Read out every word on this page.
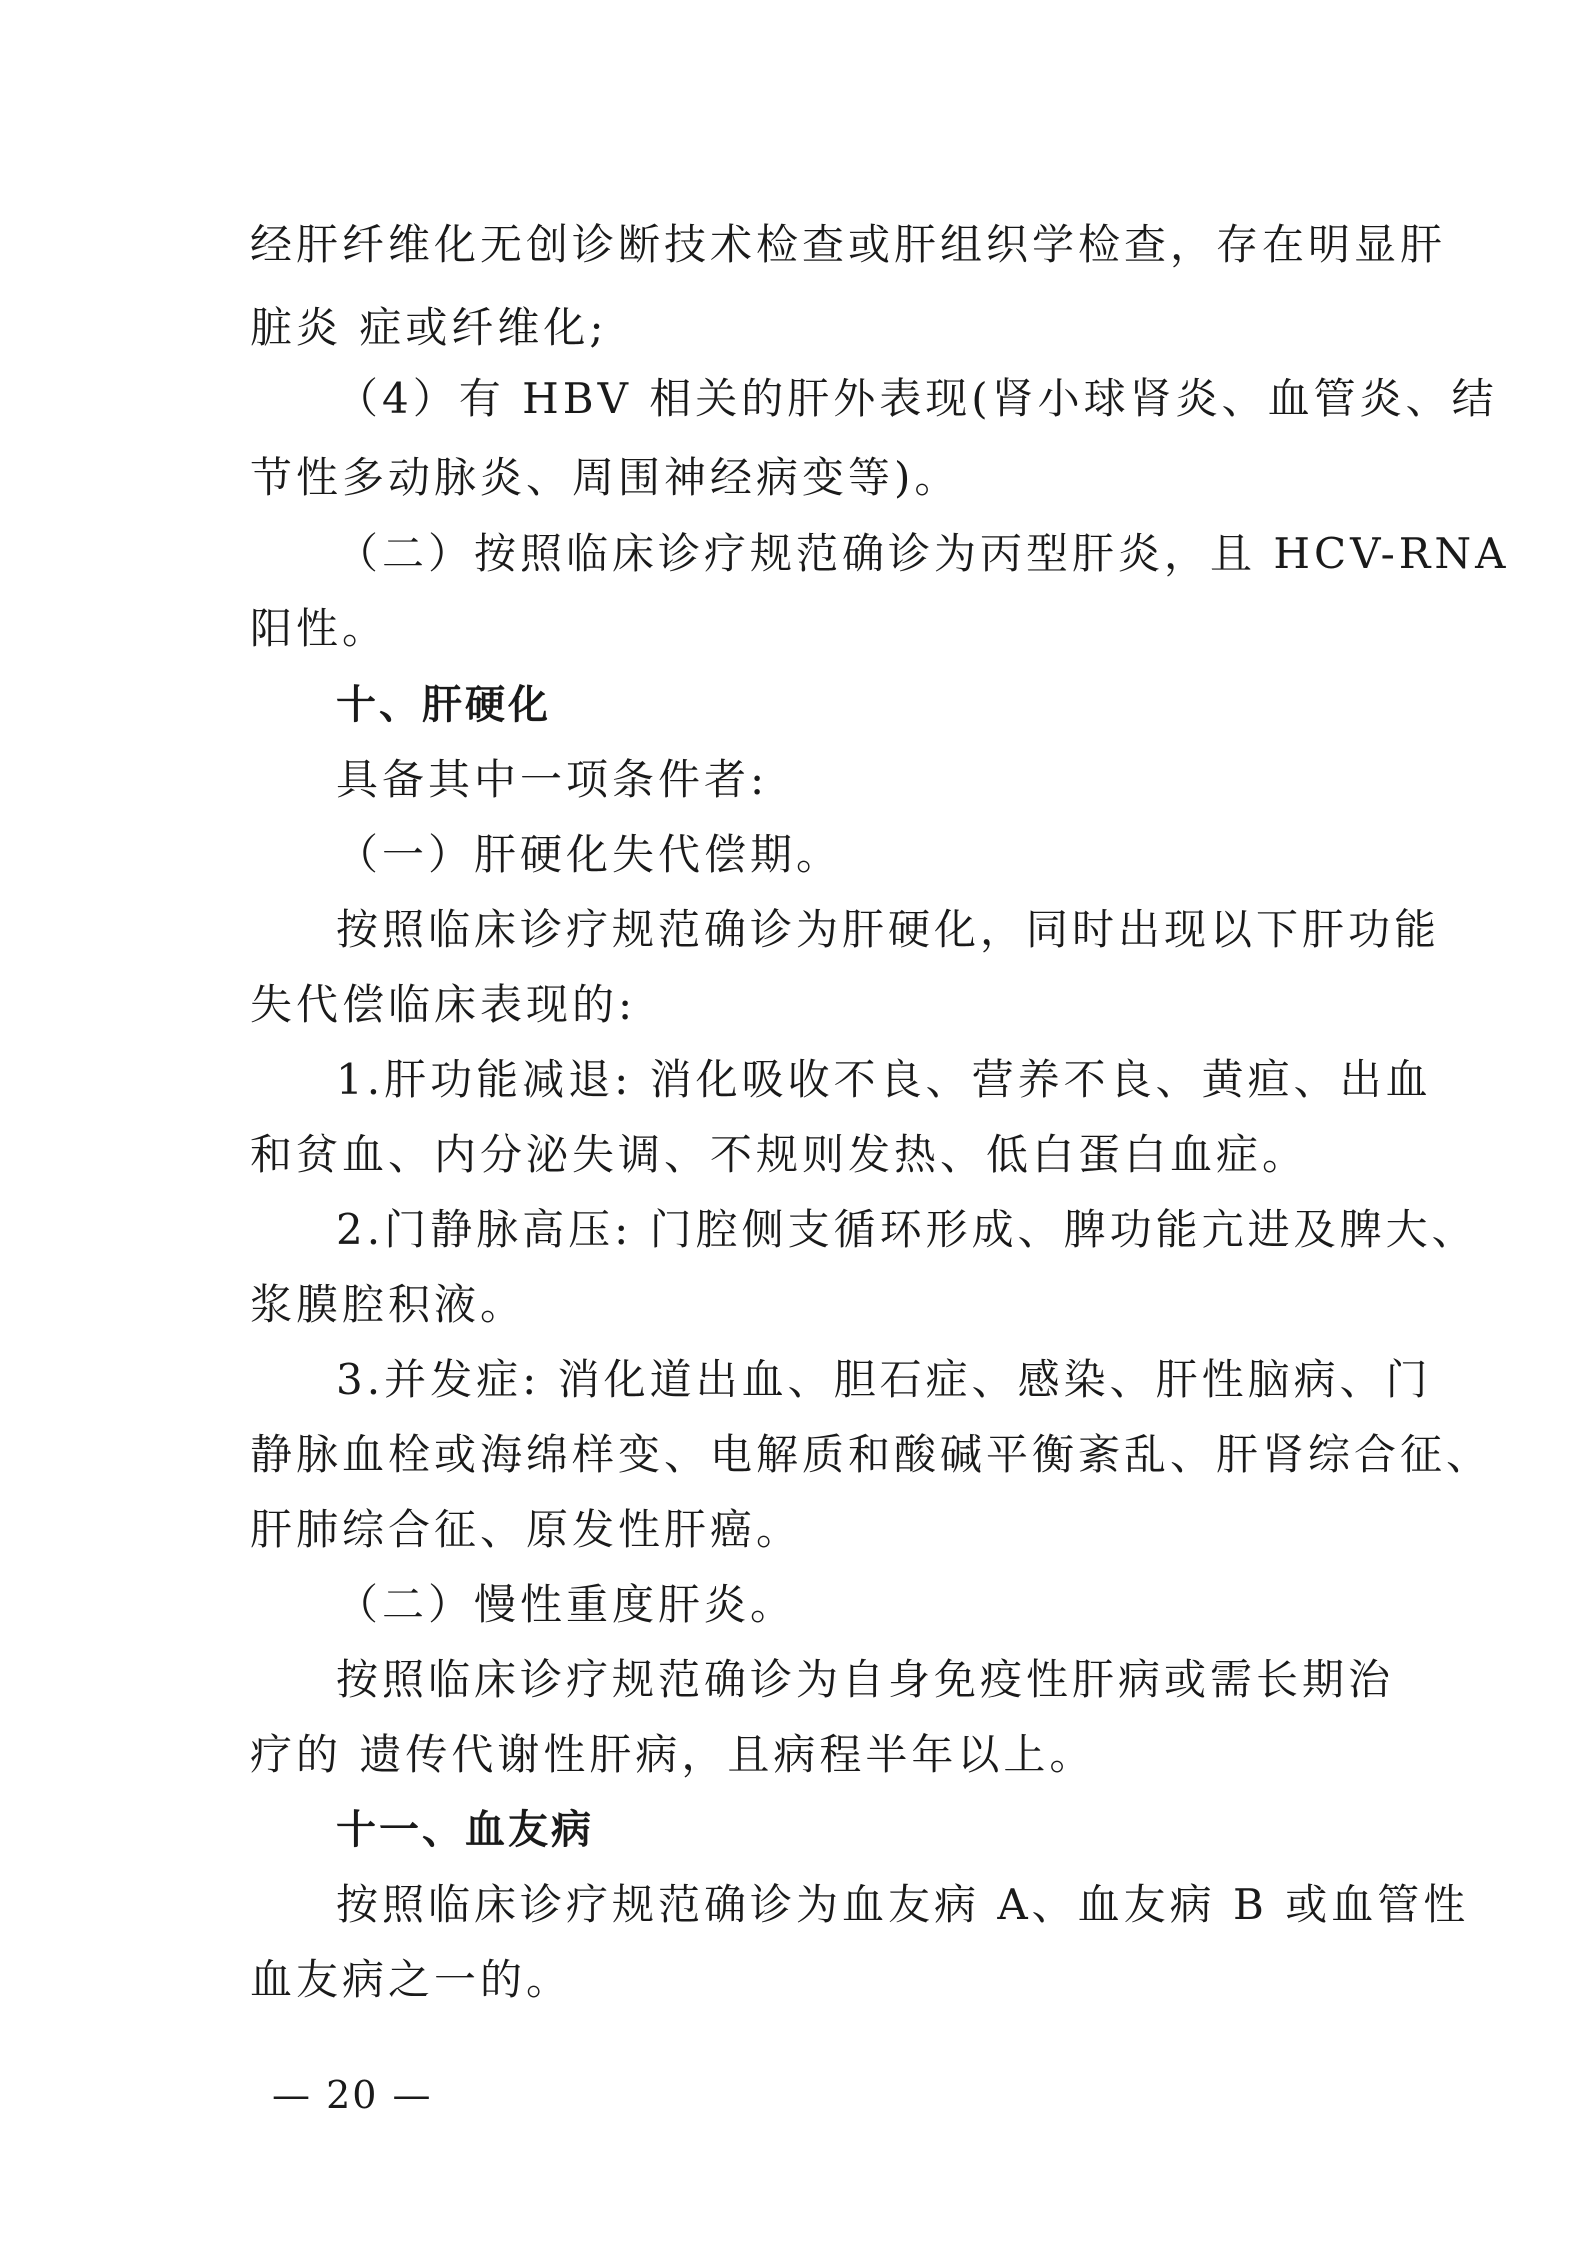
经肝纤维化无创诊断技术检查或肝组织学检查，存在明显肝
脏炎 症或纤维化;
（4）有 HBV 相关的肝外表现(肾小球肾炎、血管炎、结
节性多动脉炎、周围神经病变等)。
（二）按照临床诊疗规范确诊为丙型肝炎，且 HCV-RNA
阳性。
十、肝硬化
具备其中一项条件者:
（一）肝硬化失代偿期。
按照临床诊疗规范确诊为肝硬化，同时出现以下肝功能
失代偿临床表现的:
1.肝功能减退: 消化吸收不良、营养不良、黄疸、出血
和贫血、内分泌失调、不规则发热、低白蛋白血症。
2.门静脉高压: 门腔侧支循环形成、脾功能亢进及脾大、
浆膜腔积液。
3.并发症: 消化道出血、胆石症、感染、肝性脑病、门
静脉血栓或海绵样变、电解质和酸碱平衡紊乱、肝肾综合征、
肝肺综合征、原发性肝癌。
（二）慢性重度肝炎。
按照临床诊疗规范确诊为自身免疫性肝病或需长期治
疗的 遗传代谢性肝病，且病程半年以上。
十一、血友病
按照临床诊疗规范确诊为血友病 A、血友病 B 或血管性
血友病之一的。
— 20 —
